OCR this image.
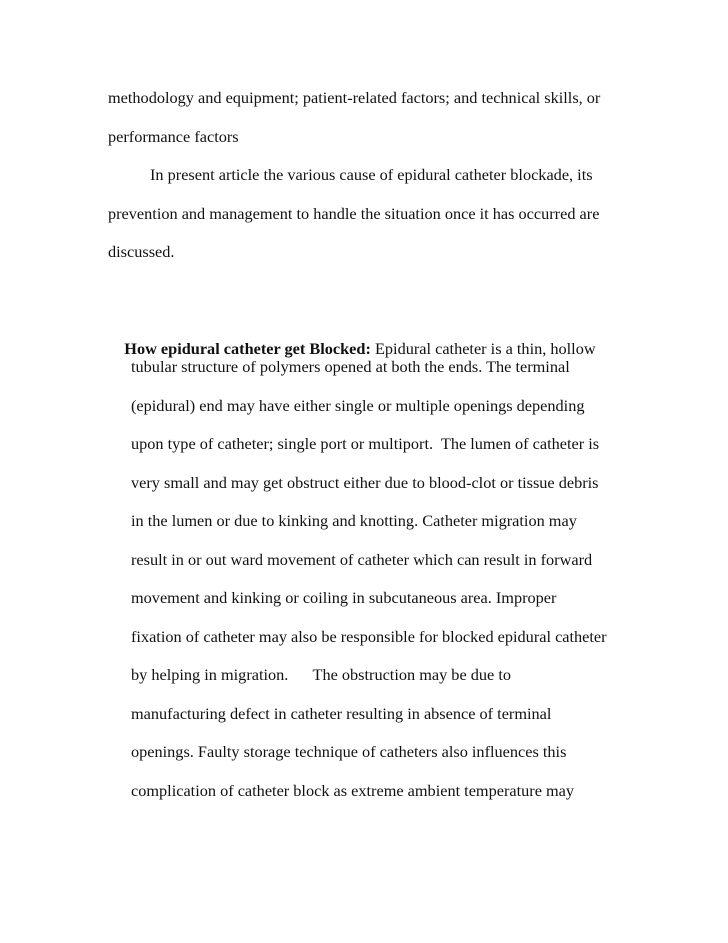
methodology and equipment; patient-related factors; and technical skills, or
performance factors
In present article the various cause of epidural catheter blockade, its
prevention and management to handle the situation once it has occurred are
discussed.

How epidural catheter get Blocked: Epidural catheter is a thin, hollow

tubular structure of polymers opened at both the ends. The terminal
(epidural) end may have either single or multiple openings depending
upon type of catheter; single port or multiport.  The lumen of catheter is
very small and may get obstruct either due to blood-clot or tissue debris
in the lumen or due to kinking and knotting. Catheter migration may
result in or out ward movement of catheter which can result in forward
movement and kinking or coiling in subcutaneous area. Improper
fixation of catheter may also be responsible for blocked epidural catheter
by helping in migration.      The obstruction may be due to
manufacturing defect in catheter resulting in absence of terminal
openings. Faulty storage technique of catheters also influences this
complication of catheter block as extreme ambient temperature may
